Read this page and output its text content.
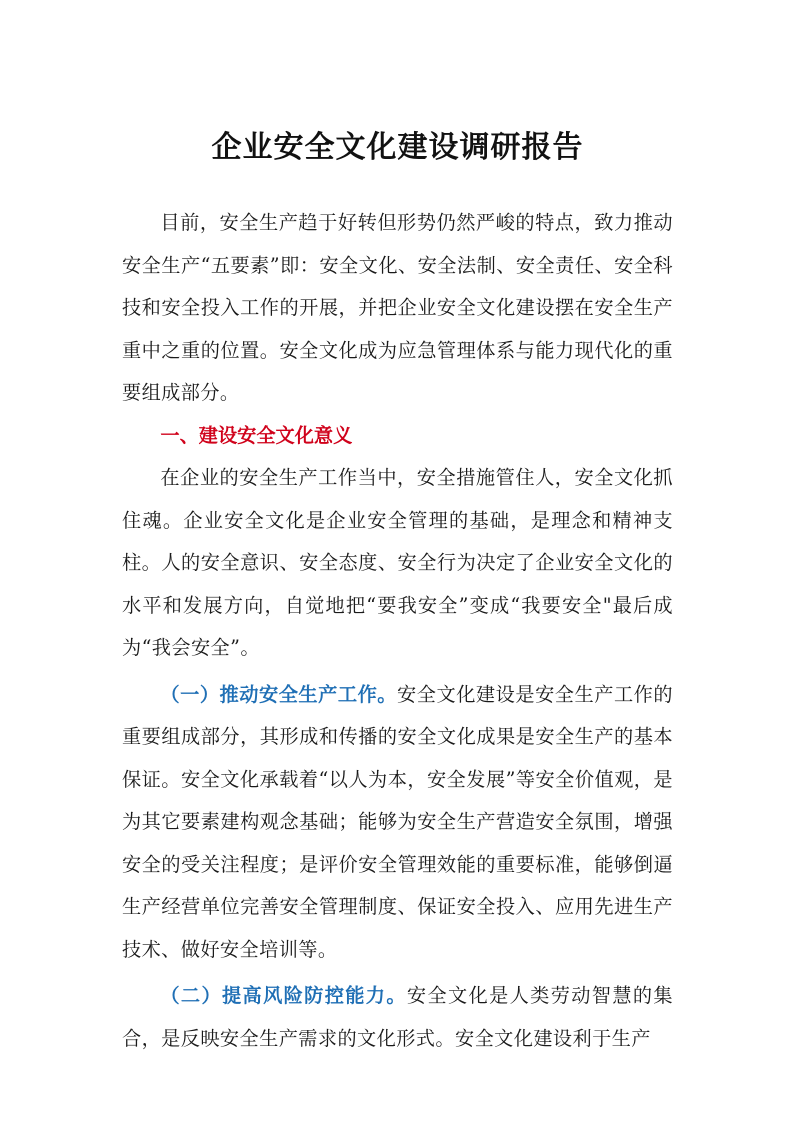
企业安全文化建设调研报告

目前，安全生产趋于好转但形势仍然严峻的特点，致力推动安全生产“五要素”即：安全文化、安全法制、安全责任、安全科技和安全投入工作的开展，并把企业安全文化建设摆在安全生产重中之重的位置。安全文化成为应急管理体系与能力现代化的重要组成部分。

一、建设安全文化意义

在企业的安全生产工作当中，安全措施管住人，安全文化抓住魂。企业安全文化是企业安全管理的基础，是理念和精神支柱。人的安全意识、安全态度、安全行为决定了企业安全文化的水平和发展方向，自觉地把“要我安全”变成“我要安全"最后成为“我会安全”。

（一）推动安全生产工作。安全文化建设是安全生产工作的重要组成部分，其形成和传播的安全文化成果是安全生产的基本保证。安全文化承载着“以人为本，安全发展”等安全价值观，是为其它要素建构观念基础；能够为安全生产营造安全氛围，增强安全的受关注程度；是评价安全管理效能的重要标准，能够倒逼生产经营单位完善安全管理制度、保证安全投入、应用先进生产技术、做好安全培训等。

（二）提高风险防控能力。安全文化是人类劳动智慧的集合，是反映安全生产需求的文化形式。安全文化建设利于生产
